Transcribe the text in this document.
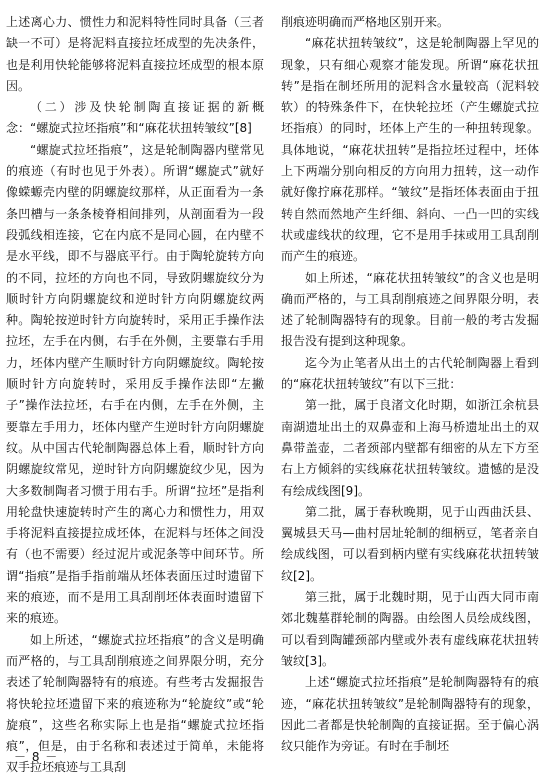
上述离心力、惯性力和泥料特性同时具备（三者缺一不可）是将泥料直接拉坯成型的先决条件，也是利用快轮能够将泥料直接拉坯成型的根本原因。

（二）涉及快轮制陶直接证据的新概念：“螺旋式拉坯指痕”和“麻花状扭转皱纹”[8]

“螺旋式拉坯指痕”，这是轮制陶器内壁常见的痕迹（有时也见于外表）。所谓“螺旋式”就好像蝾螈壳内壁的阴螺旋纹那样，从正面看为一条条凹槽与一条条棱脊相间排列，从剖面看为一段段弧线相连接，它在内底不是同心圆，在内壁不是水平线，即不与器底平行。由于陶轮旋转方向的不同，拉坯的方向也不同，导致阴螺旋纹分为顺时针方向阴螺旋纹和逆时针方向阴螺旋纹两种。陶轮按逆时针方向旋转时，采用正手操作法拉坯，左手在内侧，右手在外侧，主要靠右手用力，坯体内壁产生顺时针方向阴螺旋纹。陶轮按顺时针方向旋转时，采用反手操作法即“左撇子”操作法拉坯，右手在内侧，左手在外侧，主要靠左手用力，坯体内壁产生逆时针方向阴螺旋纹。从中国古代轮制陶器总体上看，顺时针方向阴螺旋纹常见，逆时针方向阴螺旋纹少见，因为大多数制陶者习惯于用右手。所谓“拉坯”是指利用轮盘快速旋转时产生的离心力和惯性力，用双手将泥料直接提拉成坯体，在泥料与坯体之间没有（也不需要）经过泥片或泥条等中间环节。所谓“指痕”是指手指前端从坯体表面压过时遗留下来的痕迹，而不是用工具刮削坯体表面时遗留下来的痕迹。

如上所述，“螺旋式拉坯指痕”的含义是明确而严格的，与工具刮削痕迹之间界限分明，充分表述了轮制陶器特有的痕迹。有些考古发掘报告将快轮拉坯遗留下来的痕迹称为“轮旋纹”或“轮旋痕”，这些名称实际上也是指“螺旋式拉坯指痕”，但是，由于名称和表述过于简单，未能将双手拉坯痕迹与工具刮

削痕迹明确而严格地区别开来。

“麻花状扭转皱纹”，这是轮制陶器上罕见的现象，只有细心观察才能发现。所谓“麻花状扭转”是指在制坯所用的泥料含水量较高（泥料较软）的特殊条件下，在快轮拉坯（产生螺旋式拉坯指痕）的同时，坯体上产生的一种扭转现象。具体地说，“麻花状扭转”是指拉坯过程中，坯体上下两端分别向相反的方向用力扭转，这一动作就好像拧麻花那样。“皱纹”是指坯体表面由于扭转自然而然地产生纤细、斜向、一凸一凹的实线状或虚线状的纹理，它不是用手抹或用工具刮削而产生的痕迹。

如上所述，“麻花状扭转皱纹”的含义也是明确而严格的，与工具刮削痕迹之间界限分明，表述了轮制陶器特有的现象。目前一般的考古发掘报告没有提到这种现象。

迄今为止笔者从出土的古代轮制陶器上看到的“麻花状扭转皱纹”有以下三批：

第一批，属于良渚文化时期，如浙江余杭县南湖遗址出土的双鼻壶和上海马桥遗址出土的双鼻带盖壶，二者颈部内壁都有细密的从左下方至右上方倾斜的实线麻花状扭转皱纹。遗憾的是没有绘成线图[9]。

第二批，属于春秋晚期，见于山西曲沃县、翼城县天马—曲村居址轮制的细柄豆，笔者亲自绘成线图，可以看到柄内壁有实线麻花状扭转皱纹[2]。

第三批，属于北魏时期，见于山西大同市南郊北魏墓群轮制的陶器。由绘图人员绘成线图，可以看到陶罐颈部内壁或外表有虚线麻花状扭转皱纹[3]。

上述“螺旋式拉坯指痕”是轮制陶器特有的痕迹，“麻花状扭转皱纹”是轮制陶器特有的现象，因此二者都是快轮制陶的直接证据。至于偏心涡纹只能作为旁证。有时在手制坯

－ 8 －
